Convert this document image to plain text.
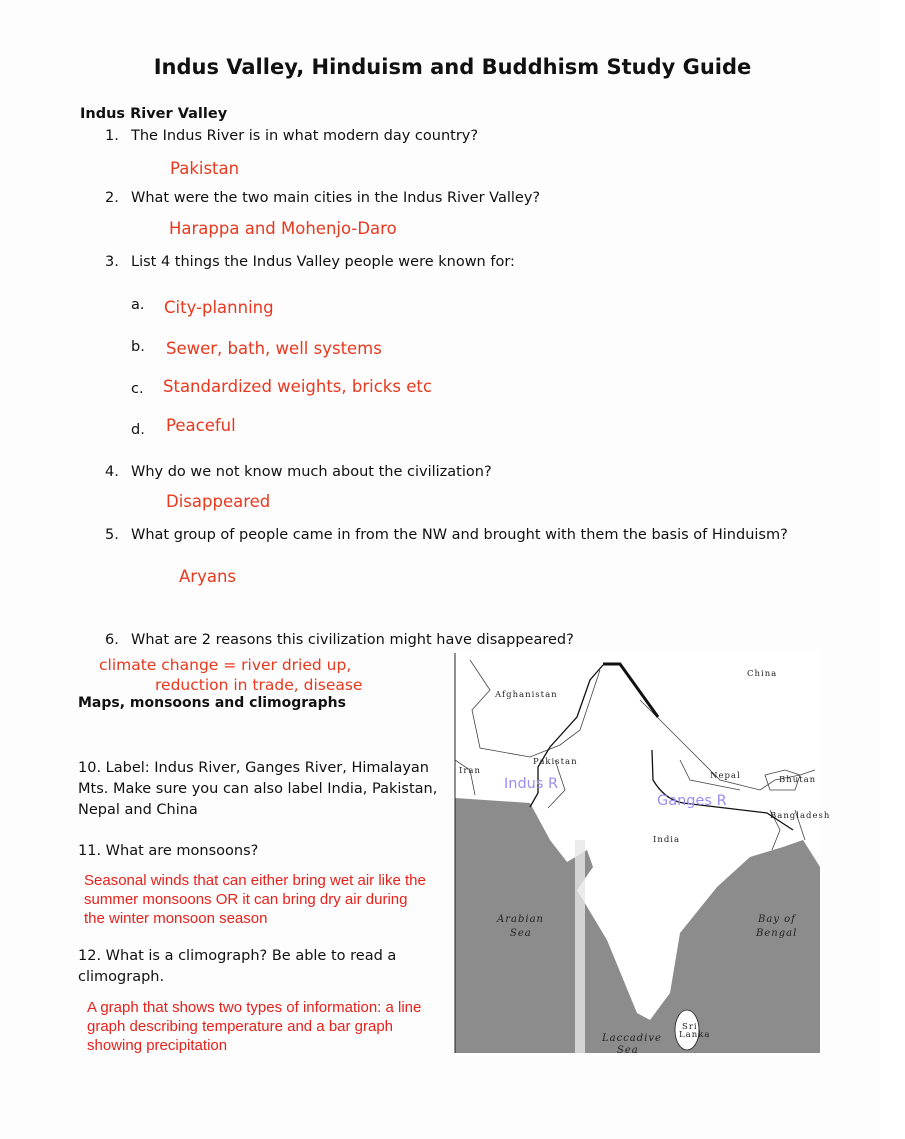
Indus Valley, Hinduism and Buddhism Study Guide
Indus River Valley
1. The Indus River is in what modern day country?
Pakistan
2. What were the two main cities in the Indus River Valley?
Harappa and Mohenjo-Daro
3. List 4 things the Indus Valley people were known for:
a. City-planning
b. Sewer, bath, well systems
c. Standardized weights, bricks etc
d. Peaceful
4. Why do we not know much about the civilization?
Disappeared
5. What group of people came in from the NW and brought with them the basis of Hinduism?
Aryans
6. What are 2 reasons this civilization might have disappeared?
climate change = river dried up,
reduction in trade, disease
Maps, monsoons and climographs
10. Label: Indus River, Ganges River, Himalayan Mts. Make sure you can also label India, Pakistan, Nepal and China
11. What are monsoons?
Seasonal winds that can either bring wet air like the summer monsoons OR it can bring dry air during the winter monsoon season
12. What is a climograph? Be able to read a climograph.
A graph that shows two types of information: a line graph describing temperature and a bar graph showing precipitation
China
Afghanistan
Pakistan
Iran	Nepal	Bhutan
Bangladesh
India
Arabian
Sea
Bay of
Bengal
Laccadive
Sea
Sri
Lanka
Indus R
Ganges R
